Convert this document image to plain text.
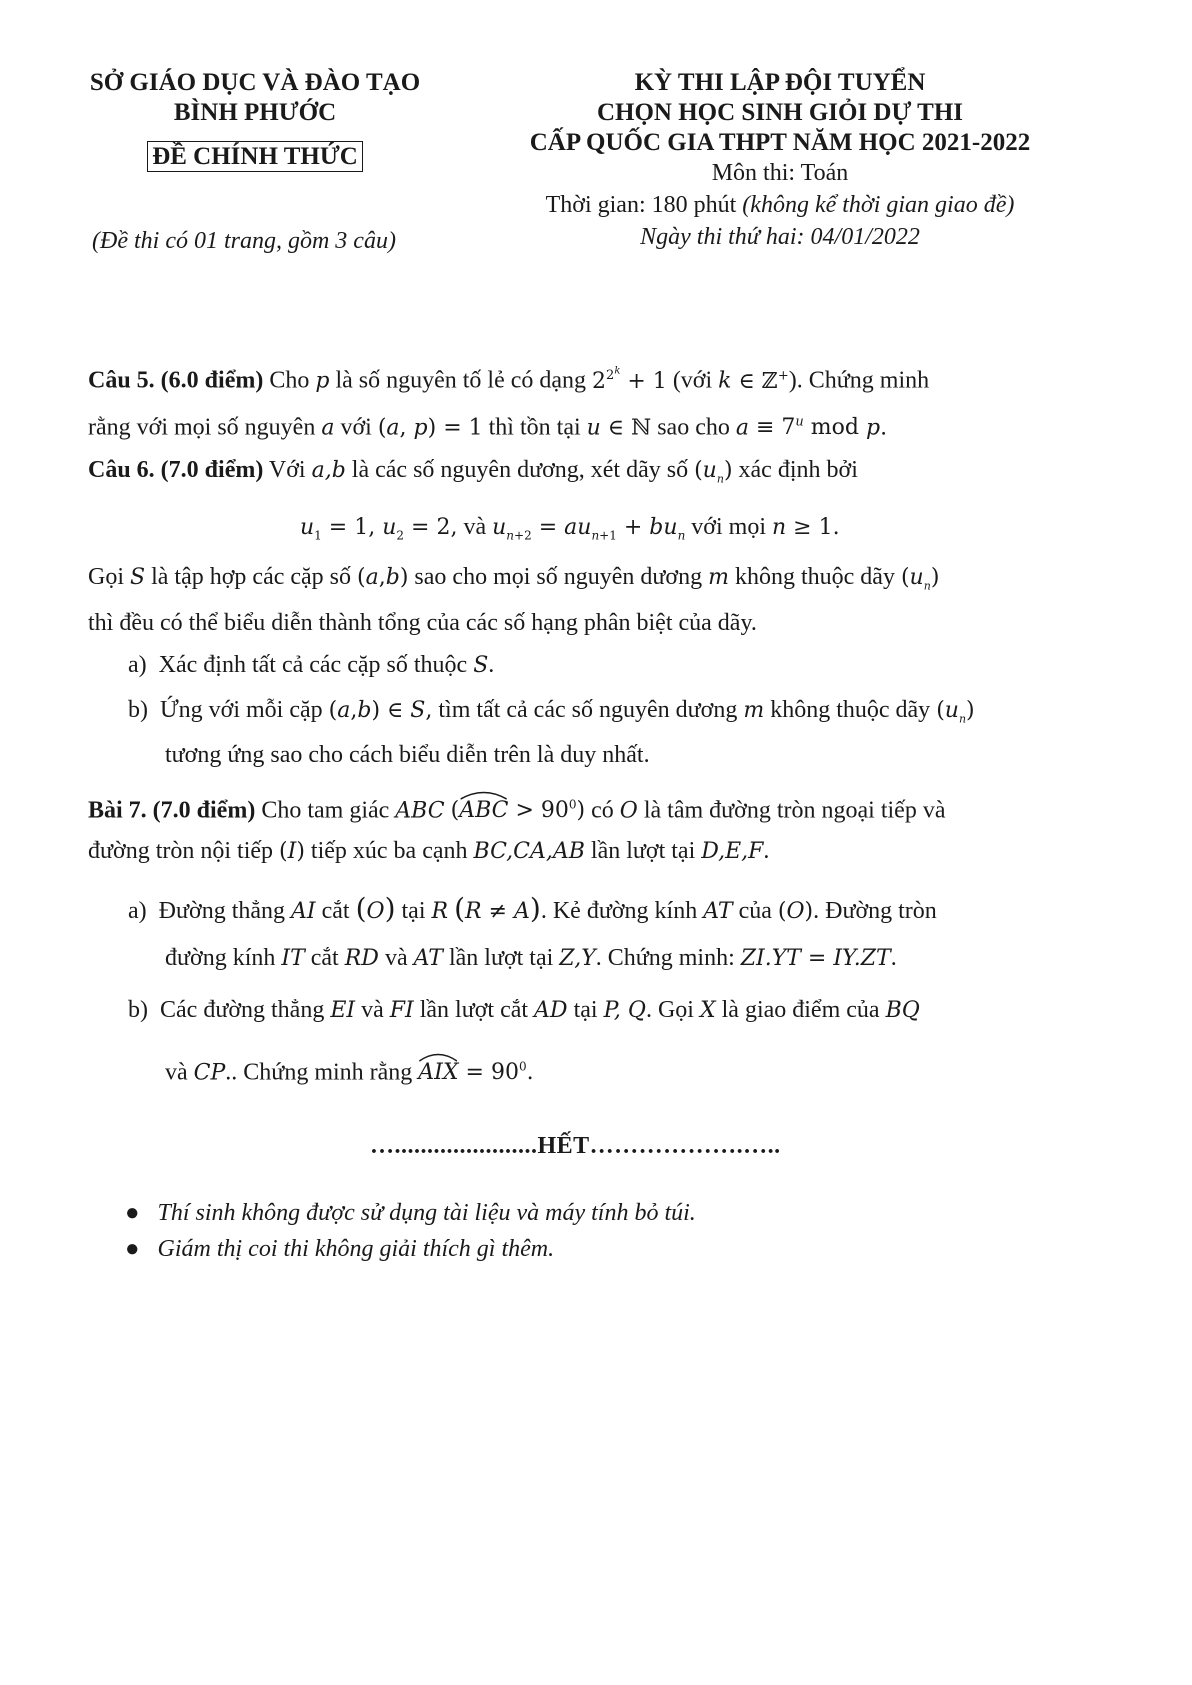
SỞ GIÁO DỤC VÀ ĐÀO TẠO
BÌNH PHƯỚC
ĐỀ CHÍNH THỨC
(Đề thi có 01 trang, gồm 3 câu)
KỲ THI LẬP ĐỘI TUYỂN
CHỌN HỌC SINH GIỎI DỰ THI
CẤP QUỐC GIA THPT NĂM HỌC 2021-2022
Môn thi: Toán
Thời gian: 180 phút (không kể thời gian giao đề)
Ngày thi thứ hai: 04/01/2022
Câu 5. (6.0 điểm) Cho p là số nguyên tố lẻ có dạng $2^{2^k} + 1$ (với k ∈ ℤ+). Chứng minh
rằng với mọi số nguyên a với (a, p) = 1 thì tồn tại u ∈ ℕ sao cho $a \equiv 7^u$ mod p.
Câu 6. (7.0 điểm) Với a,b là các số nguyên dương, xét dãy số $(u_n)$ xác định bởi
$u_1 = 1$, $u_2 = 2$, và $u_{n+2} = au_{n+1} + bu_n$ với mọi n ≥ 1.
Gọi S là tập hợp các cặp số (a,b) sao cho mọi số nguyên dương m không thuộc dãy $(u_n)$
thì đều có thể biểu diễn thành tổng của các số hạng phân biệt của dãy.
a) Xác định tất cả các cặp số thuộc S.
b) Ứng với mỗi cặp (a,b) ∈ S, tìm tất cả các số nguyên dương m không thuộc dãy $(u_n)$
tương ứng sao cho cách biểu diễn trên là duy nhất.
Bài 7. (7.0 điểm) Cho tam giác ABC (ABC
> $90^0$) có O là tâm đường tròn ngoại tiếp và
đường tròn nội tiếp (I) tiếp xúc ba cạnh BC,CA,AB lần lượt tại D,E,F.
a) Đường thẳng AI cắt (O) tại R (R ≠ A). Kẻ đường kính AT của (O). Đường tròn
đường kính IT cắt RD và AT lần lượt tại Z,Y. Chứng minh: ZI.YT = IY.ZT.
b) Các đường thẳng EI và FI lần lượt cắt AD tại P, Q. Gọi X là giao điểm của BQ
và CP.. Chứng minh rằng AIX
= $90^0$.
…......................HẾT……………….…..
● Thí sinh không được sử dụng tài liệu và máy tính bỏ túi.
● Giám thị coi thi không giải thích gì thêm.
